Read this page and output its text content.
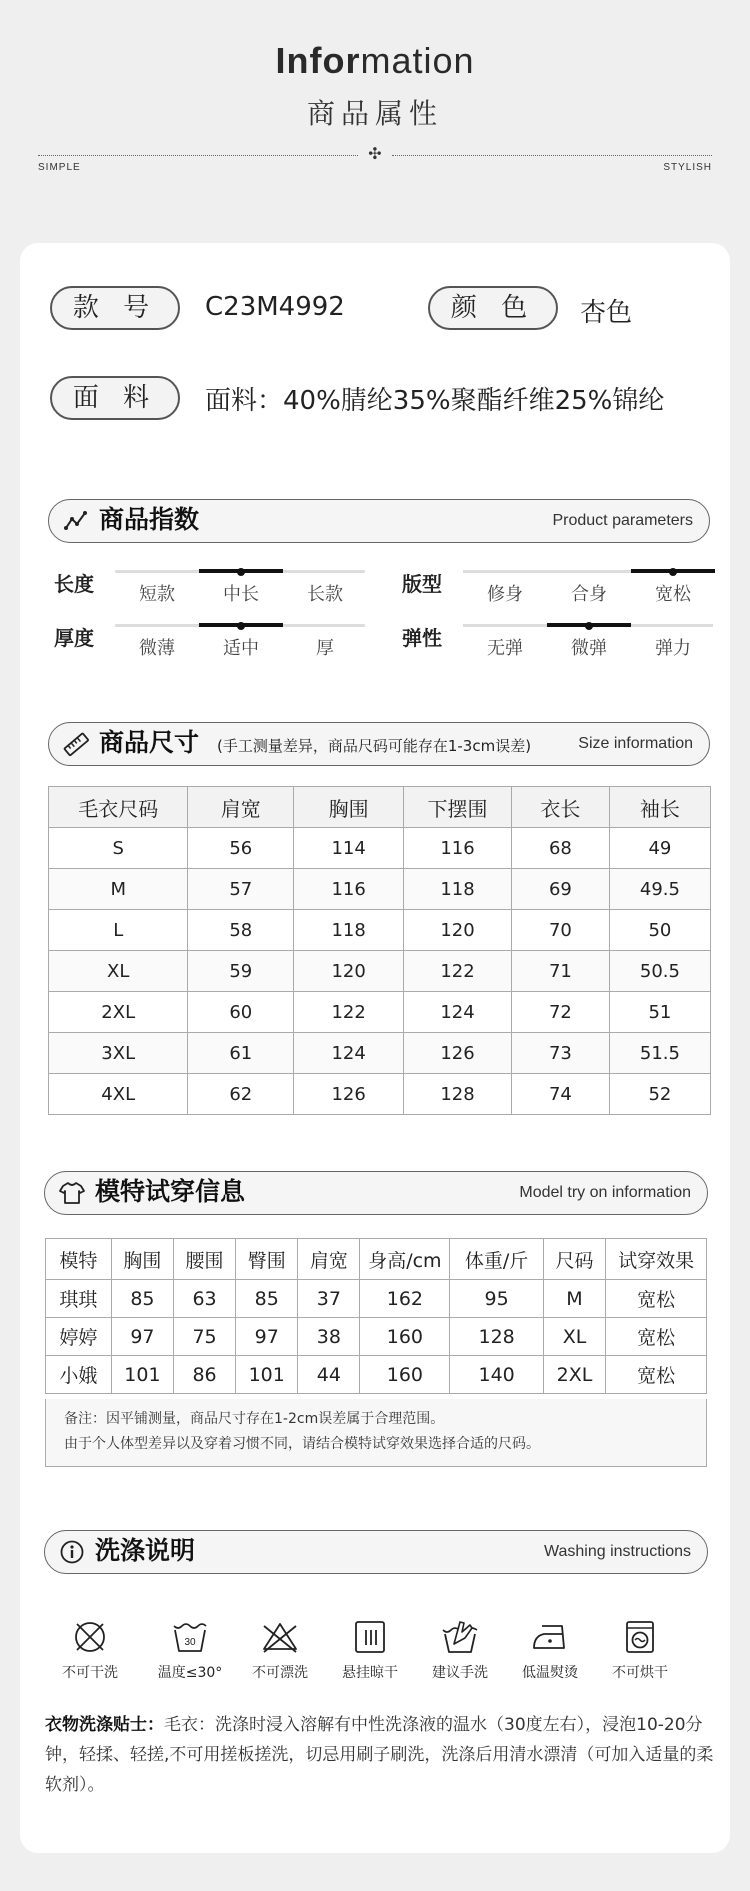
Information
商品属性
✣
SIMPLE	STYLISH
款 号	C23M4992	颜 色	杏色
面 料	面料：40%腈纶35%聚酯纤维25%锦纶
商品指数	Product parameters
长度	短款	中长	长款	版型	修身	合身	宽松
厚度	微薄	适中	厚	弹性	无弹	微弹	弹力
商品尺寸 (手工测量差异，商品尺码可能存在1-3cm误差)	Size information
毛衣尺码	肩宽	胸围	下摆围	衣长	袖长
S	56	114	116	68	49
M	57	116	118	69	49.5
L	58	118	120	70	50
XL	59	120	122	71	50.5
2XL	60	122	124	72	51
3XL	61	124	126	73	51.5
4XL	62	126	128	74	52
模特试穿信息	Model try on information
模特	胸围	腰围	臀围	肩宽	身高/cm	体重/斤	尺码	试穿效果
琪琪	85	63	85	37	162	95	M	宽松
婷婷	97	75	97	38	160	128	XL	宽松
小娥	101	86	101	44	160	140	2XL	宽松
备注：因平铺测量，商品尺寸存在1-2cm误差属于合理范围。
由于个人体型差异以及穿着习惯不同，请结合模特试穿效果选择合适的尺码。
洗涤说明	Washing instructions
不可干洗
30
温度≤30°	不可漂洗	悬挂晾干	建议手洗	低温熨烫	不可烘干
衣物洗涤贴士：毛衣：洗涤时浸入溶解有中性洗涤液的温水（30度左右），浸泡10-20分钟，轻揉、轻搓,不可用搓板搓洗，切忌用刷子刷洗，洗涤后用清水漂清（可加入适量的柔软剂）。
